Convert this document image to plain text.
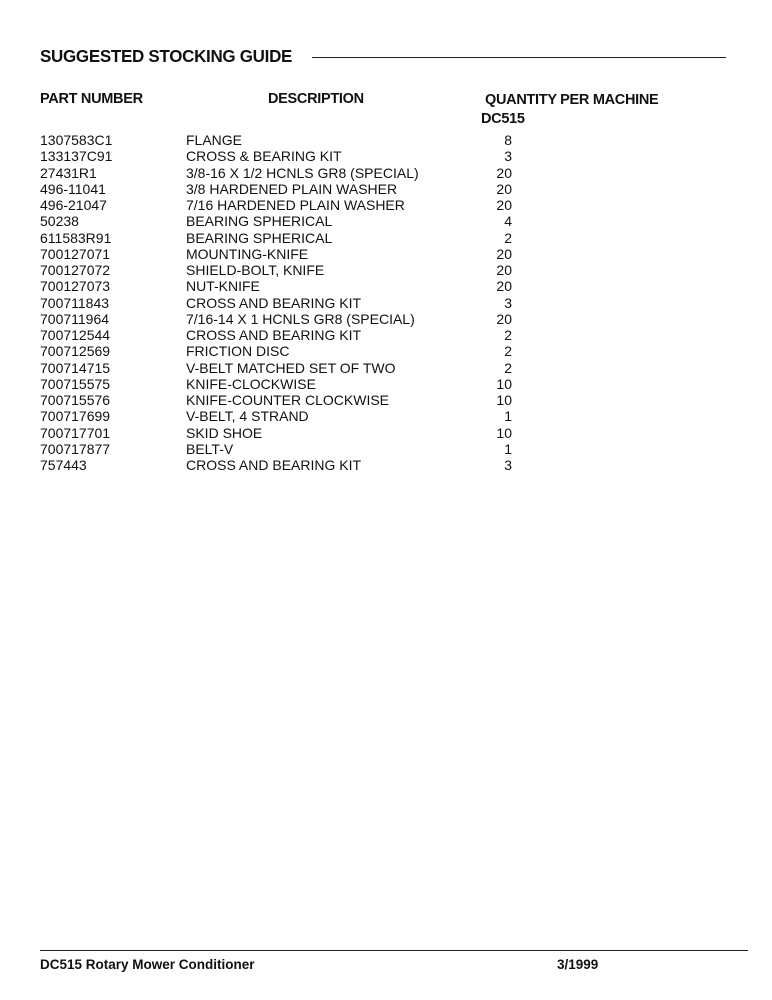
SUGGESTED STOCKING GUIDE
PART NUMBER	DESCRIPTION	QUANTITY PER MACHINE
DC515
1307583C1	FLANGE	8
133137C91	CROSS & BEARING KIT	3
27431R1	3/8-16 X 1/2 HCNLS GR8 (SPECIAL)	20
496-11041	3/8 HARDENED PLAIN WASHER	20
496-21047	7/16 HARDENED PLAIN WASHER	20
50238	BEARING SPHERICAL	4
611583R91	BEARING SPHERICAL	2
700127071	MOUNTING-KNIFE	20
700127072	SHIELD-BOLT, KNIFE	20
700127073	NUT-KNIFE	20
700711843	CROSS AND BEARING KIT	3
700711964	7/16-14 X 1 HCNLS GR8 (SPECIAL)	20
700712544	CROSS AND BEARING KIT	2
700712569	FRICTION DISC	2
700714715	V-BELT MATCHED SET OF TWO	2
700715575	KNIFE-CLOCKWISE	10
700715576	KNIFE-COUNTER CLOCKWISE	10
700717699	V-BELT, 4 STRAND	1
700717701	SKID SHOE	10
700717877	BELT-V	1
757443	CROSS AND BEARING KIT	3
DC515 Rotary Mower Conditioner	3/1999
